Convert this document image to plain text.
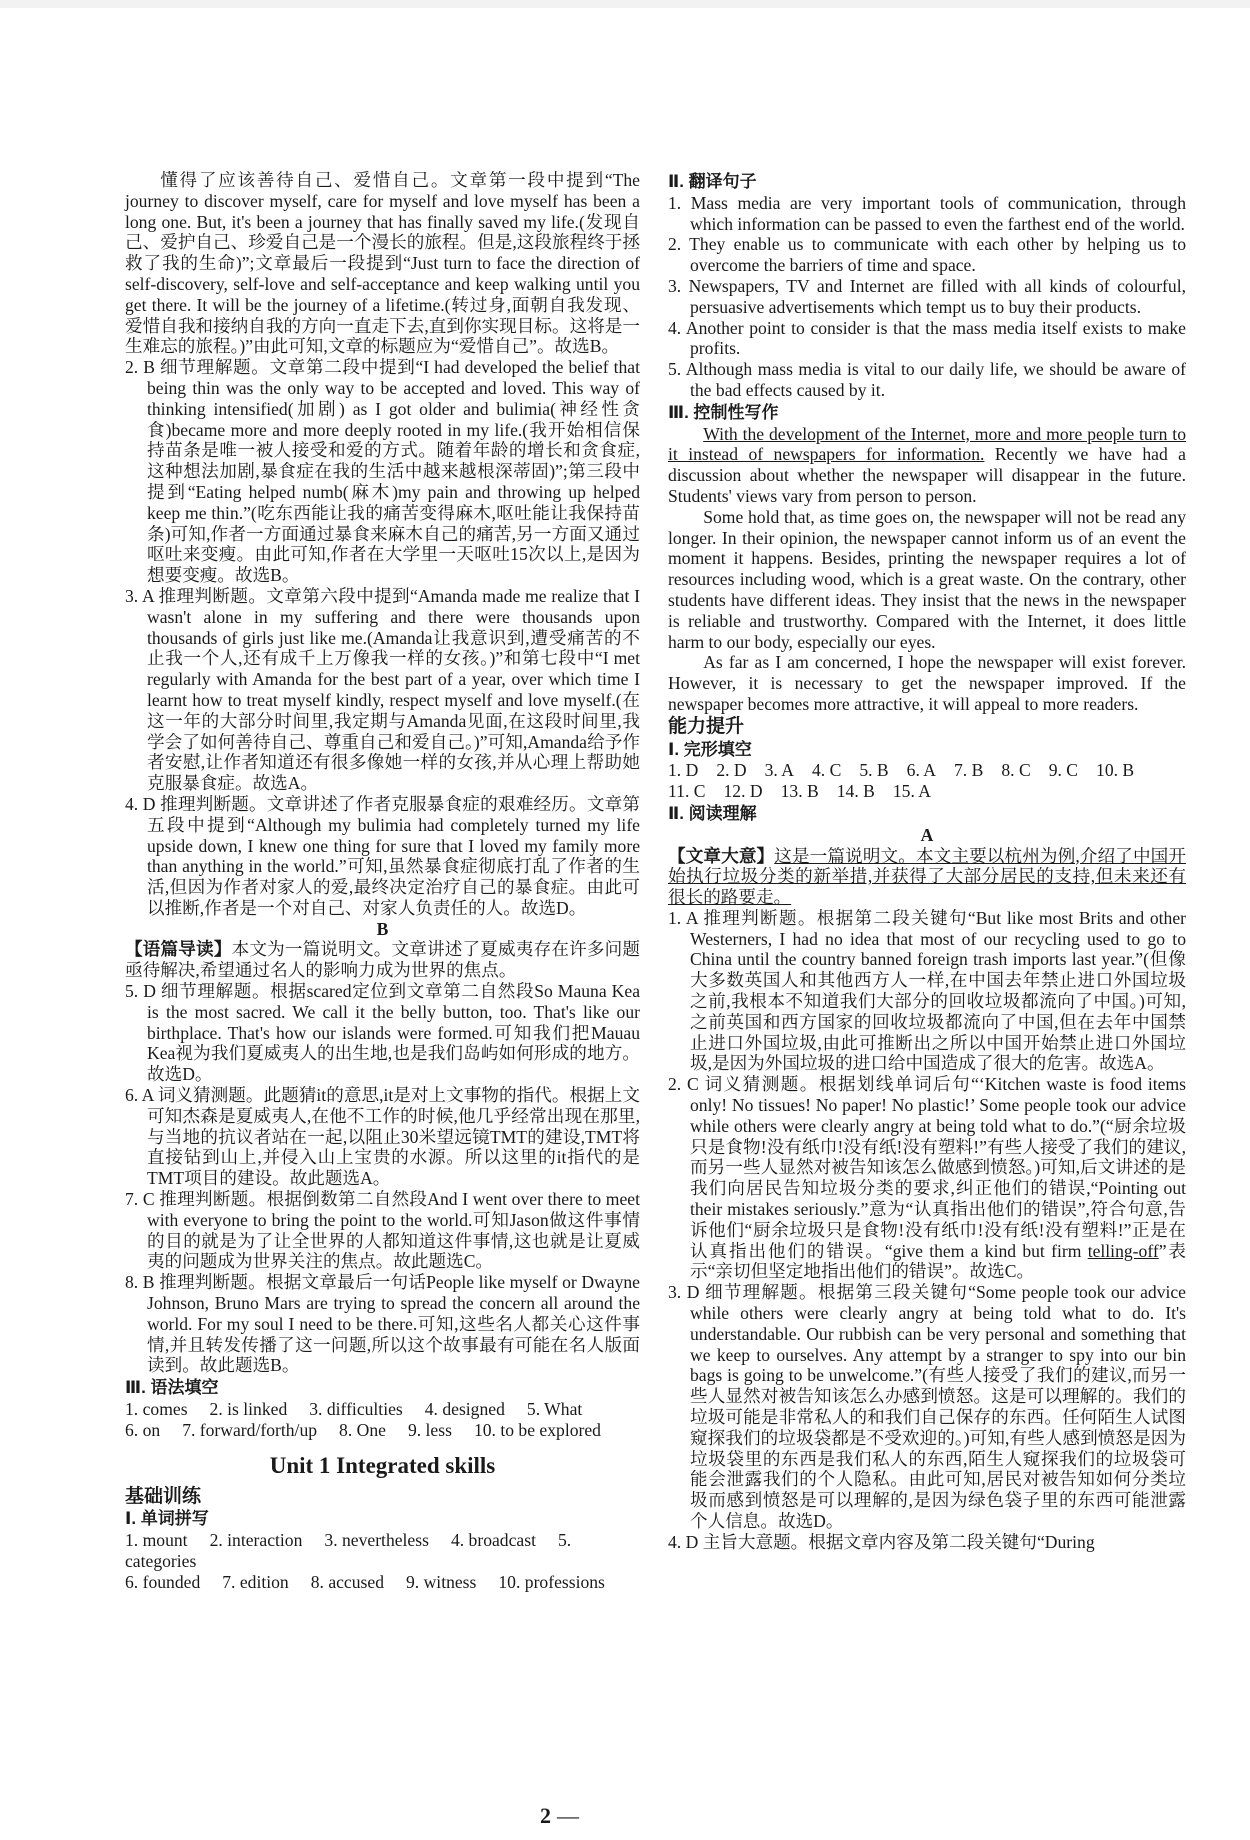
懂得了应该善待自己、爱惜自己。文章第一段中提到“The journey to discover myself, care for myself and love myself has been a long one. But, it's been a journey that has finally saved my life.(发现自己、爱护自己、珍爱自己是一个漫长的旅程。但是,这段旅程终于拯救了我的生命)”;文章最后一段提到“Just turn to face the direction of self-discovery, self-love and self-acceptance and keep walking until you get there. It will be the journey of a lifetime.(转过身,面朝自我发现、爱惜自我和接纳自我的方向一直走下去,直到你实现目标。这将是一生难忘的旅程。)”由此可知,文章的标题应为“爱惜自己”。故选B。

2. B 细节理解题。文章第二段中提到“I had developed the belief that being thin was the only way to be accepted and loved. This way of thinking intensified(加剧) as I got older and bulimia(神经性贪食)became more and more deeply rooted in my life.(我开始相信保持苗条是唯一被人接受和爱的方式。随着年龄的增长和贪食症,这种想法加剧,暴食症在我的生活中越来越根深蒂固)”;第三段中提到“Eating helped numb(麻木)my pain and throwing up helped keep me thin.”(吃东西能让我的痛苦变得麻木,呕吐能让我保持苗条)可知,作者一方面通过暴食来麻木自己的痛苦,另一方面又通过呕吐来变瘦。由此可知,作者在大学里一天呕吐15次以上,是因为想要变瘦。故选B。

3. A 推理判断题。文章第六段中提到“Amanda made me realize that I wasn't alone in my suffering and there were thousands upon thousands of girls just like me.(Amanda让我意识到,遭受痛苦的不止我一个人,还有成千上万像我一样的女孩。)”和第七段中“I met regularly with Amanda for the best part of a year, over which time I learnt how to treat myself kindly, respect myself and love myself.(在这一年的大部分时间里,我定期与Amanda见面,在这段时间里,我学会了如何善待自己、尊重自己和爱自己。)”可知,Amanda给予作者安慰,让作者知道还有很多像她一样的女孩,并从心理上帮助她克服暴食症。故选A。

4. D 推理判断题。文章讲述了作者克服暴食症的艰难经历。文章第五段中提到“Although my bulimia had completely turned my life upside down, I knew one thing for sure that I loved my family more than anything in the world.”可知,虽然暴食症彻底打乱了作者的生活,但因为作者对家人的爱,最终决定治疗自己的暴食症。由此可以推断,作者是一个对自己、对家人负责任的人。故选D。

B

【语篇导读】本文为一篇说明文。文章讲述了夏威夷存在许多问题亟待解决,希望通过名人的影响力成为世界的焦点。

5. D 细节理解题。根据scared定位到文章第二自然段So Mauna Kea is the most sacred. We call it the belly button, too. That's like our birthplace. That's how our islands were formed.可知我们把Mauau Kea视为我们夏威夷人的出生地,也是我们岛屿如何形成的地方。故选D。

6. A 词义猜测题。此题猜it的意思,it是对上文事物的指代。根据上文可知杰森是夏威夷人,在他不工作的时候,他几乎经常出现在那里,与当地的抗议者站在一起,以阻止30米望远镜TMT的建设,TMT将直接钻到山上,并侵入山上宝贵的水源。所以这里的it指代的是TMT项目的建设。故此题选A。

7. C 推理判断题。根据倒数第二自然段And I went over there to meet with everyone to bring the point to the world.可知Jason做这件事情的目的就是为了让全世界的人都知道这件事情,这也就是让夏威夷的问题成为世界关注的焦点。故此题选C。

8. B 推理判断题。根据文章最后一句话People like myself or Dwayne Johnson, Bruno Mars are trying to spread the concern all around the world. For my soul I need to be there.可知,这些名人都关心这件事情,并且转发传播了这一问题,所以这个故事最有可能在名人版面读到。故此题选B。

Ⅲ. 语法填空

1. comes 2. is linked 3. difficulties 4. designed 5. What

6. on 7. forward/forth/up 8. One 9. less 10. to be explored

Unit 1 Integrated skills

基础训练

Ⅰ. 单词拼写

1. mount 2. interaction 3. nevertheless 4. broadcast 5. categories

6. founded 7. edition 8. accused 9. witness 10. professions

Ⅱ. 翻译句子

1. Mass media are very important tools of communication, through which information can be passed to even the farthest end of the world.

2. They enable us to communicate with each other by helping us to overcome the barriers of time and space.

3. Newspapers, TV and Internet are filled with all kinds of colourful, persuasive advertisements which tempt us to buy their products.

4. Another point to consider is that the mass media itself exists to make profits.

5. Although mass media is vital to our daily life, we should be aware of the bad effects caused by it.

Ⅲ. 控制性写作

With the development of the Internet, more and more people turn to it instead of newspapers for information. Recently we have had a discussion about whether the newspaper will disappear in the future. Students' views vary from person to person.

Some hold that, as time goes on, the newspaper will not be read any longer. In their opinion, the newspaper cannot inform us of an event the moment it happens. Besides, printing the newspaper requires a lot of resources including wood, which is a great waste. On the contrary, other students have different ideas. They insist that the news in the newspaper is reliable and trustworthy. Compared with the Internet, it does little harm to our body, especially our eyes.

As far as I am concerned, I hope the newspaper will exist forever. However, it is necessary to get the newspaper improved. If the newspaper becomes more attractive, it will appeal to more readers.

能力提升

Ⅰ. 完形填空

1. D 2. D 3. A 4. C 5. B 6. A 7. B 8. C 9. C 10. B

11. C 12. D 13. B 14. B 15. A

Ⅱ. 阅读理解

A

【文章大意】这是一篇说明文。本文主要以杭州为例,介绍了中国开始执行垃圾分类的新举措,并获得了大部分居民的支持,但未来还有很长的路要走。

1. A 推理判断题。根据第二段关键句“But like most Brits and other Westerners, I had no idea that most of our recycling used to go to China until the country banned foreign trash imports last year.”(但像大多数英国人和其他西方人一样,在中国去年禁止进口外国垃圾之前,我根本不知道我们大部分的回收垃圾都流向了中国。)可知,之前英国和西方国家的回收垃圾都流向了中国,但在去年中国禁止进口外国垃圾,由此可推断出之所以中国开始禁止进口外国垃圾,是因为外国垃圾的进口给中国造成了很大的危害。故选A。

2. C 词义猜测题。根据划线单词后句“‘Kitchen waste is food items only! No tissues! No paper! No plastic!’ Some people took our advice while others were clearly angry at being told what to do.”(“厨余垃圾只是食物!没有纸巾!没有纸!没有塑料!”有些人接受了我们的建议,而另一些人显然对被告知该怎么做感到愤怒。)可知,后文讲述的是我们向居民告知垃圾分类的要求,纠正他们的错误,“Pointing out their mistakes seriously.”意为“认真指出他们的错误”,符合句意,告诉他们“厨余垃圾只是食物!没有纸巾!没有纸!没有塑料!”正是在认真指出他们的错误。“give them a kind but firm telling-off”表示“亲切但坚定地指出他们的错误”。故选C。

3. D 细节理解题。根据第三段关键句“Some people took our advice while others were clearly angry at being told what to do. It's understandable. Our rubbish can be very personal and something that we keep to ourselves. Any attempt by a stranger to spy into our bin bags is going to be unwelcome.”(有些人接受了我们的建议,而另一些人显然对被告知该怎么办感到愤怒。这是可以理解的。我们的垃圾可能是非常私人的和我们自己保存的东西。任何陌生人试图窥探我们的垃圾袋都是不受欢迎的。)可知,有些人感到愤怒是因为垃圾袋里的东西是我们私人的东西,陌生人窥探我们的垃圾袋可能会泄露我们的个人隐私。由此可知,居民对被告知如何分类垃圾而感到愤怒是可以理解的,是因为绿色袋子里的东西可能泄露个人信息。故选D。

4. D 主旨大意题。根据文章内容及第二段关键句“During

2 —
